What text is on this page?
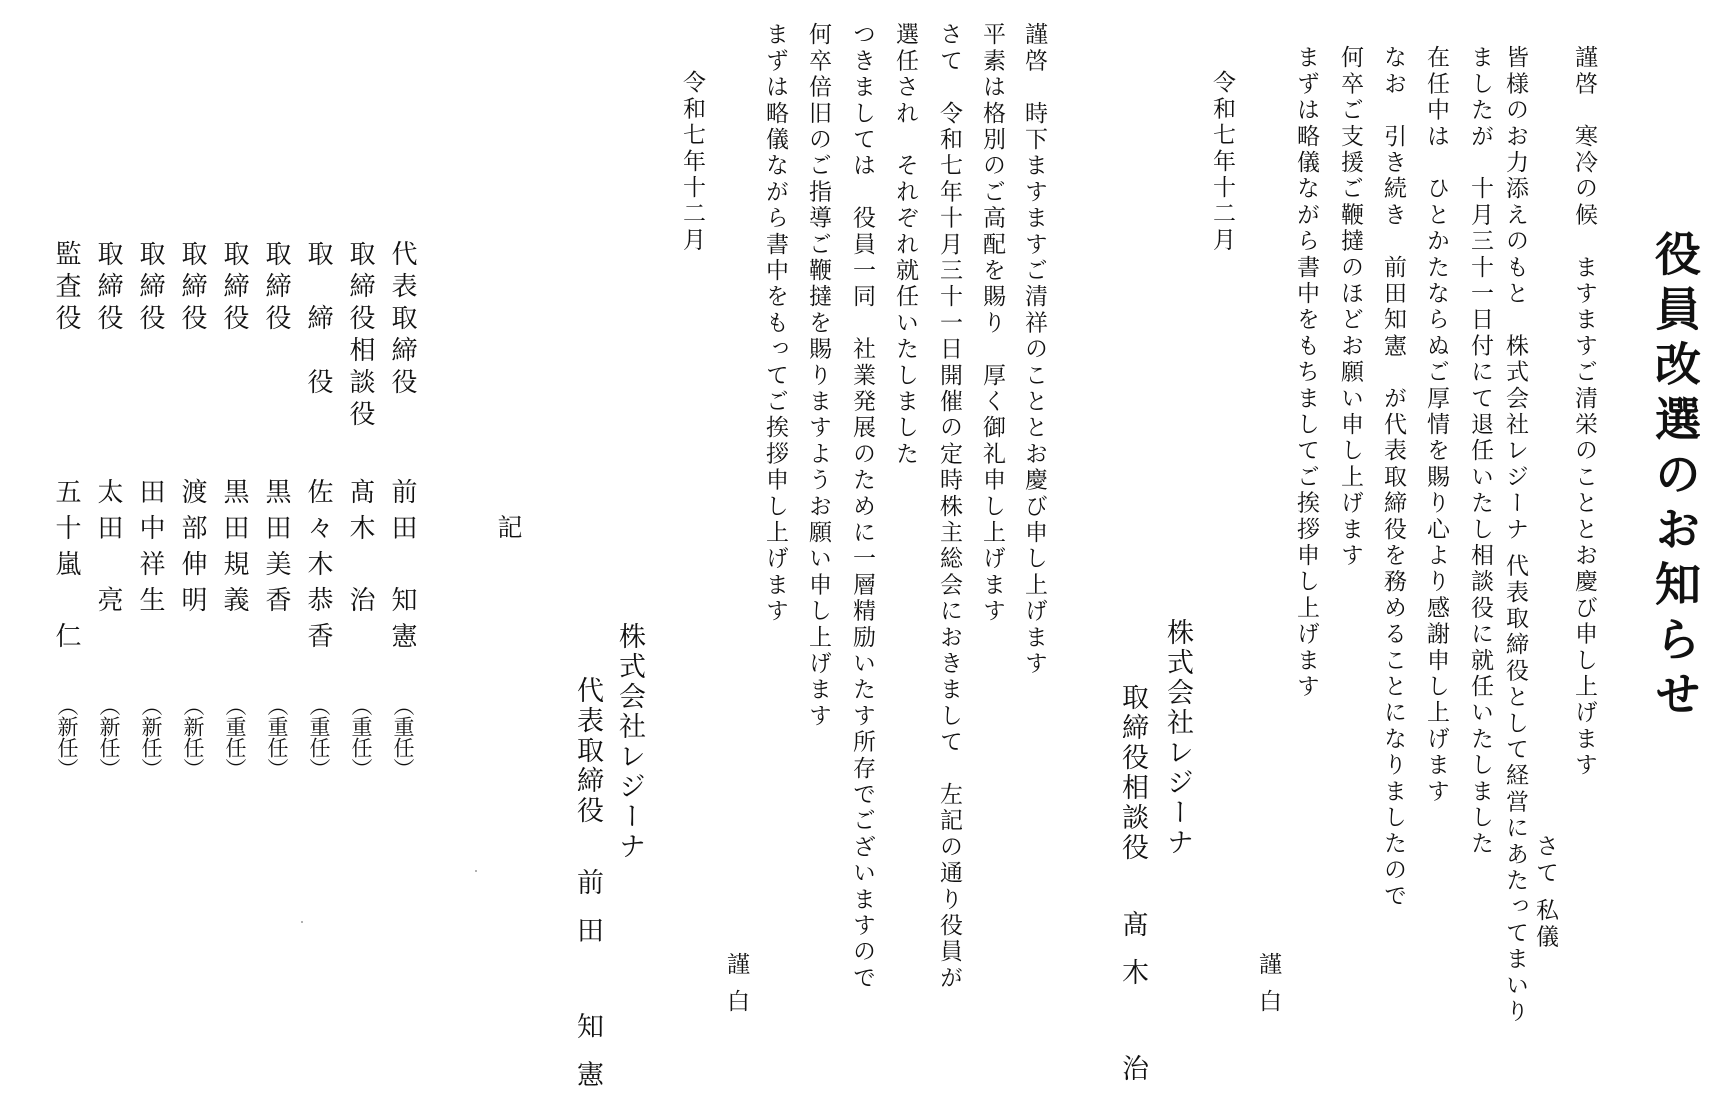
役員改選のお知らせ
謹啓　寒冷の候　ますますご清栄のこととお慶び申し上げます
さて
私儀
皆様のお力添えのもと　株式会社レジーナ 代表取締役として経営にあたってまいり
ましたが　十月三十一日付にて退任いたし相談役に就任いたしました
在任中は　ひとかたならぬご厚情を賜り心より感謝申し上げます
なお　引き続き　前田知憲　が代表取締役を務めることになりましたので
何卒ご支援ご鞭撻のほどお願い申し上げます
まずは略儀ながら書中をもちましてご挨拶申し上げます
令和七年十二月
謹白
株式会社レジーナ
取締役相談役
髙木　治
謹啓　時下ますますご清祥のこととお慶び申し上げます
平素は格別のご高配を賜り　厚く御礼申し上げます
さて　令和七年十月三十一日開催の定時株主総会におきまして　左記の通り役員が
選任され　それぞれ就任いたしました
つきましては　役員一同　社業発展のために一層精励いたす所存でございますので
何卒倍旧のご指導ご鞭撻を賜りますようお願い申し上げます
まずは略儀ながら書中をもってご挨拶申し上げます
令和七年十二月
謹白
株式会社レジーナ
代表取締役
前田　知憲
記
代表取締役
前田　知憲
（重任）
取締役相談役
髙木　治
（重任）
取　締　役
佐々木恭香
（重任）
取締役
黒田美香
（重任）
取締役
黒田規義
（重任）
取締役
渡部伸明
（新任）
取締役
田中祥生
（新任）
取締役
太田　亮
（新任）
監査役
五十嵐　仁
（新任）
